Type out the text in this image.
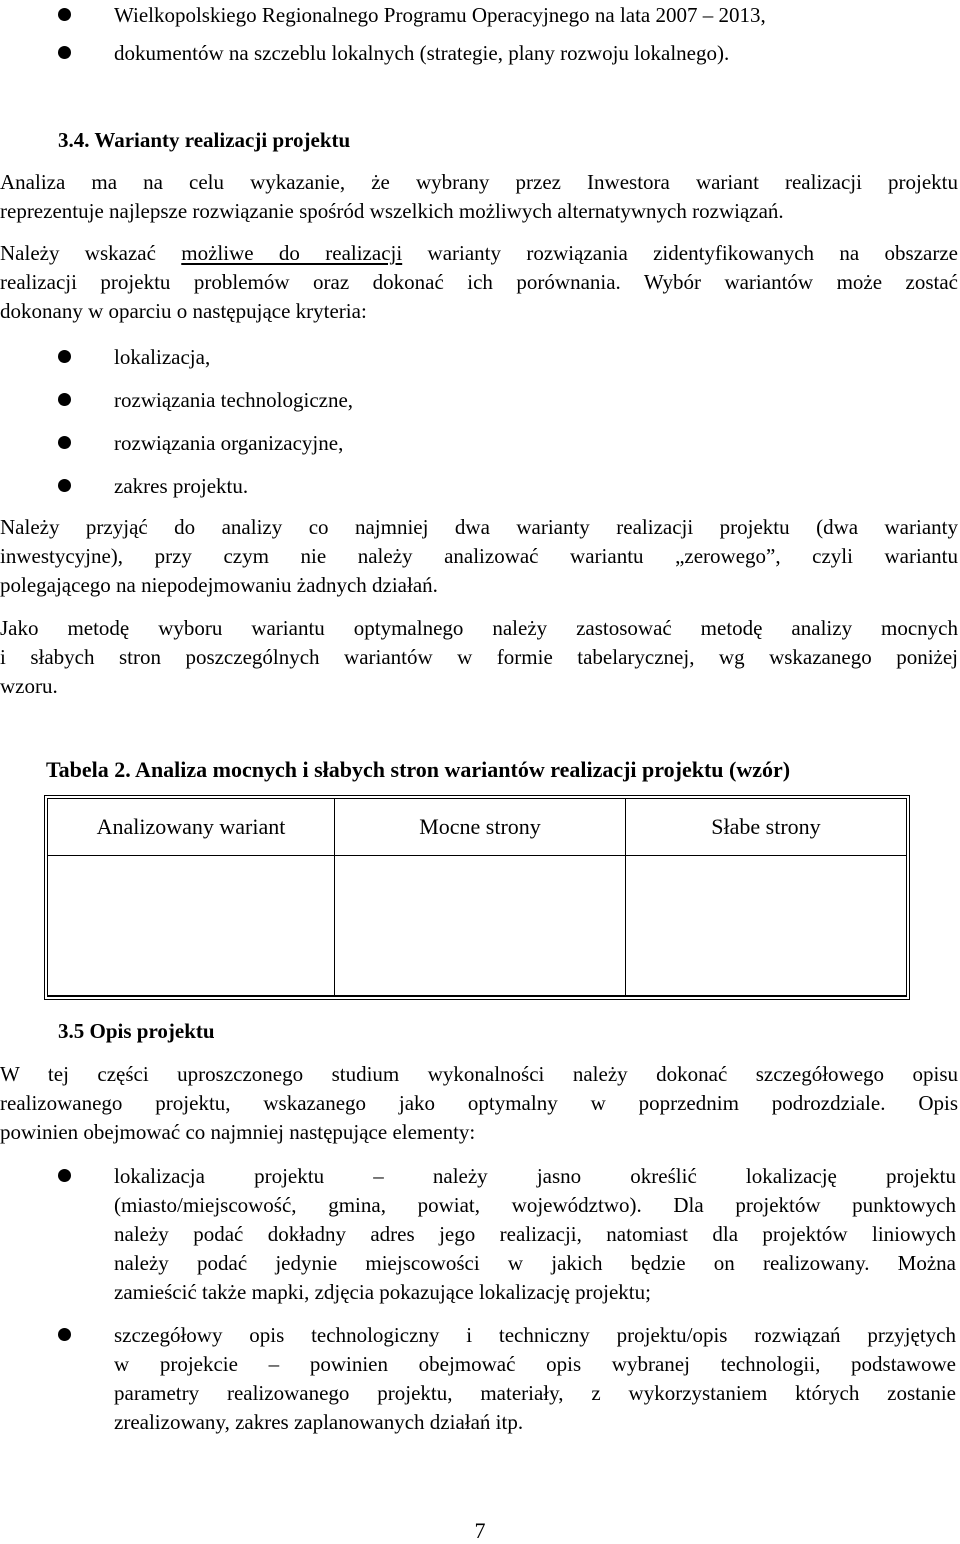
Wielkopolskiego Regionalnego Programu Operacyjnego na lata 2007 – 2013,
dokumentów na szczeblu lokalnych (strategie, plany rozwoju lokalnego).
3.4. Warianty realizacji projektu
Analiza ma na celu wykazanie, że wybrany przez Inwestora wariant realizacji projektu
reprezentuje najlepsze rozwiązanie spośród wszelkich możliwych alternatywnych rozwiązań.
Należy wskazać możliwe do realizacji warianty rozwiązania zidentyfikowanych na obszarze
realizacji projektu problemów oraz dokonać ich porównania. Wybór wariantów może zostać
dokonany w oparciu o następujące kryteria:
lokalizacja,
rozwiązania technologiczne,
rozwiązania organizacyjne,
zakres projektu.
Należy przyjąć do analizy co najmniej dwa warianty realizacji projektu (dwa warianty
inwestycyjne), przy czym nie należy analizować wariantu „zerowego”, czyli wariantu
polegającego na niepodejmowaniu żadnych działań.
Jako metodę wyboru wariantu optymalnego należy zastosować metodę analizy mocnych
i słabych stron poszczególnych wariantów w formie tabelarycznej, wg wskazanego poniżej
wzoru.
Tabela 2. Analiza mocnych i słabych stron wariantów realizacji projektu (wzór)
Analizowany wariant	Mocne strony	Słabe strony

3.5 Opis projektu
W tej części uproszczonego studium wykonalności należy dokonać szczegółowego opisu
realizowanego projektu, wskazanego jako optymalny w poprzednim podrozdziale. Opis
powinien obejmować co najmniej następujące elementy:
lokalizacja projektu – należy jasno określić lokalizację projektu
(miasto/miejscowość, gmina, powiat, województwo). Dla projektów punktowych
należy podać dokładny adres jego realizacji, natomiast dla projektów liniowych
należy podać jedynie miejscowości w jakich będzie on realizowany. Można
zamieścić także mapki, zdjęcia pokazujące lokalizację projektu;
szczegółowy opis technologiczny i techniczny projektu/opis rozwiązań przyjętych
w projekcie – powinien obejmować opis wybranej technologii, podstawowe
parametry realizowanego projektu, materiały, z wykorzystaniem których zostanie
zrealizowany, zakres zaplanowanych działań itp.
7
